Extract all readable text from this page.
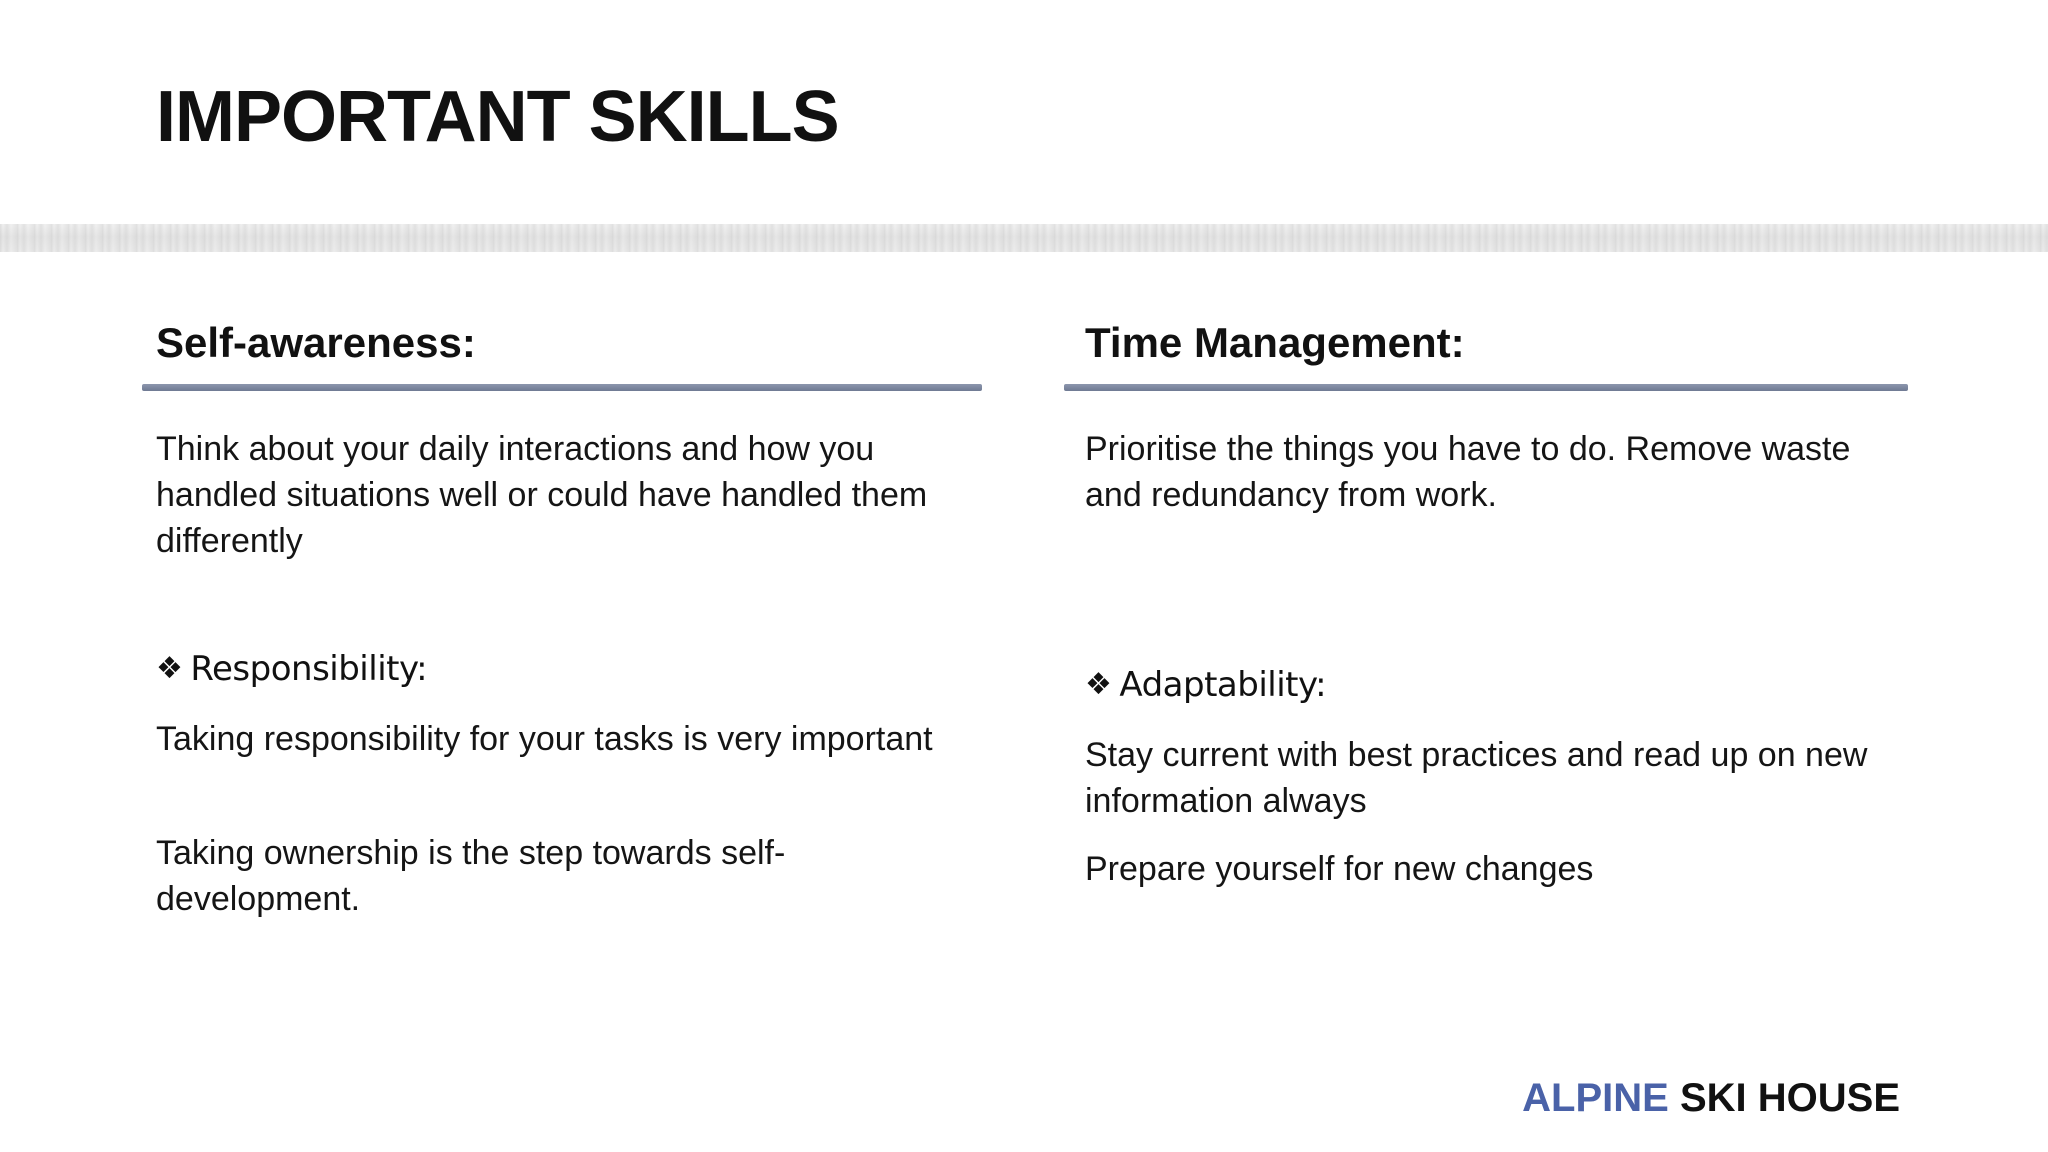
IMPORTANT SKILLS
Self-awareness:

Think about your daily interactions and how you handled situations well or could have handled them differently

❖ Responsibility:

Taking responsibility for your tasks is very important

Taking ownership is the step towards self-development.

Time Management:

Prioritise the things you have to do. Remove waste and redundancy from work.

❖ Adaptability:

Stay current with best practices and read up on new information always

Prepare yourself for new changes

ALPINE SKI HOUSE
